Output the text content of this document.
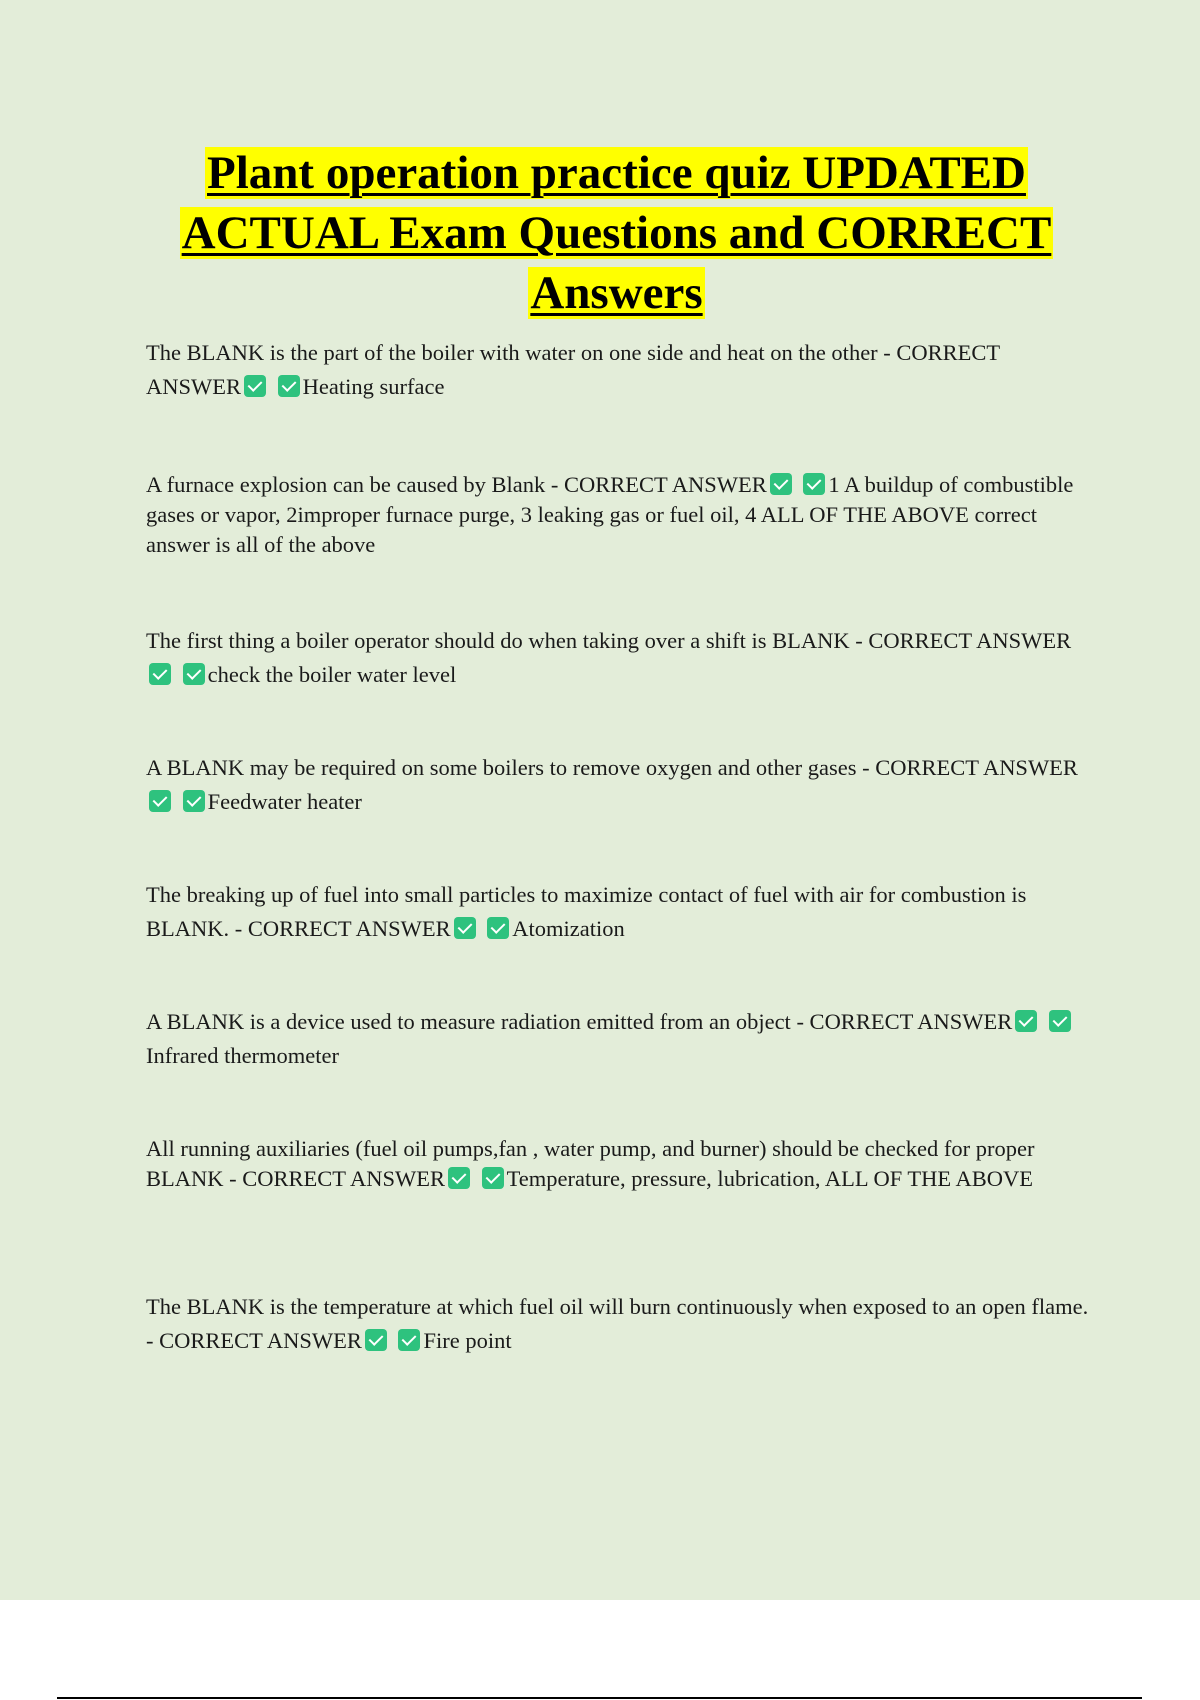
Plant operation practice quiz UPDATED ACTUAL Exam Questions and CORRECT Answers

The BLANK is the part of the boiler with water on one side and heat on the other - CORRECT ANSWER	Heating surface

A furnace explosion can be caused by Blank - CORRECT ANSWER	1 A buildup of combustible gases or vapor, 2improper furnace purge, 3 leaking gas or fuel oil, 4 ALL OF THE ABOVE correct answer is all of the above

The first thing a boiler operator should do when taking over a shift is BLANK - CORRECT ANSWER check the boiler water level

A BLANK may be required on some boilers to remove oxygen and other gases - CORRECT ANSWER Feedwater heater

The breaking up of fuel into small particles to maximize contact of fuel with air for combustion is BLANK. - CORRECT ANSWER	Atomization

A BLANK is a device used to measure radiation emitted from an object - CORRECT ANSWER Infrared thermometer

All running auxiliaries (fuel oil pumps,fan , water pump, and burner) should be checked for proper BLANK - CORRECT ANSWER	Temperature, pressure, lubrication, ALL OF THE ABOVE

The BLANK is the temperature at which fuel oil will burn continuously when exposed to an open flame. - CORRECT ANSWER	Fire point
